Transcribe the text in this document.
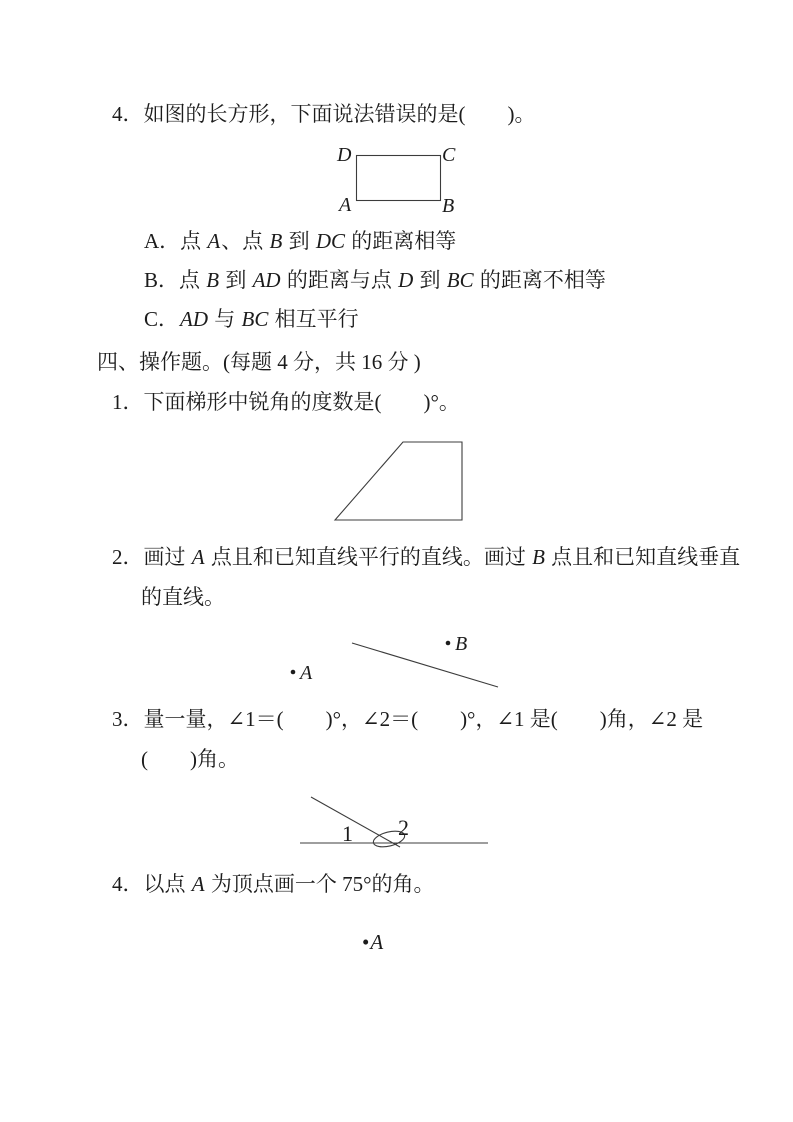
4．如图的长方形，下面说法错误的是(　　)。
D	C
A	B
A．点 A、点 B 到 DC 的距离相等
B．点 B 到 AD 的距离与点 D 到 BC 的距离不相等
C．AD 与 BC 相互平行
四、操作题。(每题 4 分，共 16 分 )
1．下面梯形中锐角的度数是(　　)°。
2．画过 A 点且和已知直线平行的直线。画过 B 点且和已知直线垂直
的直线。
A
B
3．量一量，∠1＝(　　)°，∠2＝(　　)°，∠1 是(　　)角，∠2 是
(　　)角。
1 2
4．以点 A 为顶点画一个 75°的角。
•A
